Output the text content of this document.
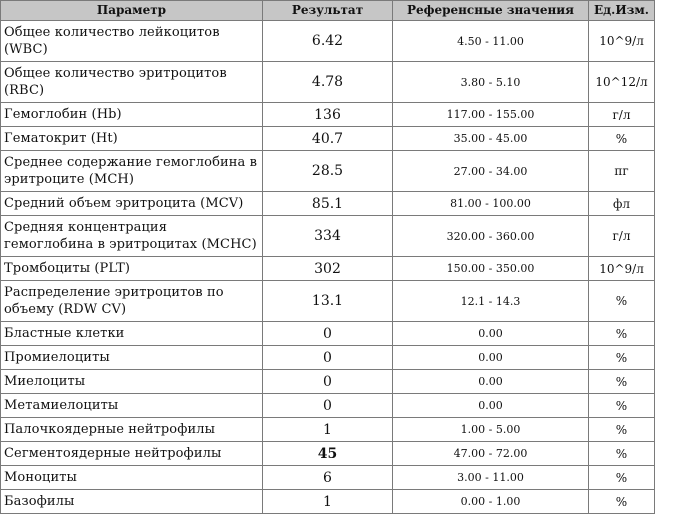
Параметр	Результат	Референсные значения	Ед.Изм.
Общее количество лейкоцитов (WBC)	6.42	4.50 - 11.00	10^9/л
Общее количество эритроцитов (RBC)	4.78	3.80 - 5.10	10^12/л
Гемоглобин (Hb)	136	117.00 - 155.00	г/л
Гематокрит (Ht)	40.7	35.00 - 45.00	%
Среднее содержание гемоглобина в эритроците (MCH)	28.5	27.00 - 34.00	пг
Средний объем эритроцита (MCV)	85.1	81.00 - 100.00	фл
Средняя концентрация гемоглобина в эритроцитах (MCHC)	334	320.00 - 360.00	г/л
Тромбоциты (PLT)	302	150.00 - 350.00	10^9/л
Распределение эритроцитов по объему (RDW CV)	13.1	12.1 - 14.3	%
Бластные клетки	0	0.00	%
Промиелоциты	0	0.00	%
Миелоциты	0	0.00	%
Метамиелоциты	0	0.00	%
Палочкоядерные нейтрофилы	1	1.00 - 5.00	%
Сегментоядерные нейтрофилы	45	47.00 - 72.00	%
Моноциты	6	3.00 - 11.00	%
Базофилы	1	0.00 - 1.00	%
